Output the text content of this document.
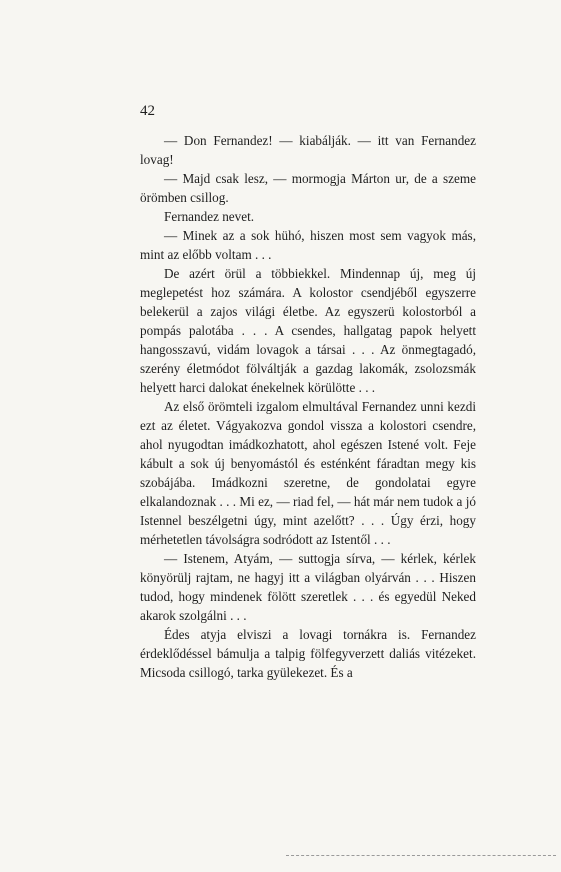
42

— Don Fernandez! — kiabálják. — itt van Fernandez lovag!

— Majd csak lesz, — mormogja Márton ur, de a szeme örömben csillog.

Fernandez nevet.

— Minek az a sok hühó, hiszen most sem vagyok más, mint az előbb voltam . . .

De azért örül a többiekkel. Mindennap új, meg új meglepetést hoz számára. A kolostor csendjéből egyszerre belekerül a zajos világi életbe. Az egyszerü kolostorból a pompás palotába . . . A csendes, hallgatag papok helyett hangosszavú, vidám lovagok a társai . . . Az önmegtagadó, szerény életmódot fölváltják a gazdag lakomák, zsolozsmák helyett harci dalokat énekelnek körülötte . . .

Az első örömteli izgalom elmultával Fernandez unni kezdi ezt az életet. Vágyakozva gondol vissza a kolostori csendre, ahol nyugodtan imádkozhatott, ahol egészen Istené volt. Feje kábult a sok új benyomástól és esténként fáradtan megy kis szobájába. Imádkozni szeretne, de gondolatai egyre elkalandoznak . . . Mi ez, — riad fel, — hát már nem tudok a jó Istennel beszélgetni úgy, mint azelőtt? . . . Úgy érzi, hogy mérhetetlen távolságra sodródott az Istentől . . .

— Istenem, Atyám, — suttogja sírva, — kérlek, kérlek könyörülj rajtam, ne hagyj itt a világban olyárván . . . Hiszen tudod, hogy mindenek fölött szeretlek . . . és egyedül Neked akarok szolgálni . . .

Édes atyja elviszi a lovagi tornákra is. Fernandez érdeklődéssel bámulja a talpig fölfegyverzett daliás vitézeket. Micsoda csillogó, tarka gyülekezet. És a
